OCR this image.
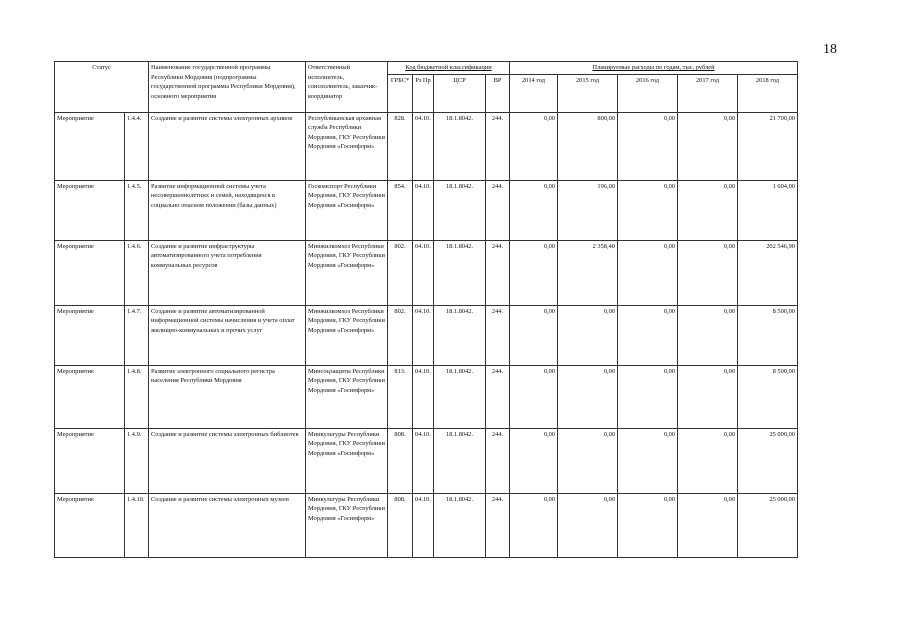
18
Статус		Наименование государственной программы Республики Мордовия (подпрограммы государственной программы Республики Мордовия), основного мероприятия	Ответственный исполнитель, соисполнитель, заказчик-координатор	Код бюджетной классификации				Планируемые расходы по годам, тыс. рублей				
				ГРБС*	Рз Пр	ЦСР	ВР	2014 год	2015 год	2016 год	2017 год	2018 год
Мероприятие	1.4.4.	Создание и развитие системы электронных архивов	Республиканская архивная служба Республики Мордовия, ГКУ Республики Мордовия «Госинформ»	828.	04.10.	18.1.8042.	244.	0,00	800,00	0,00	0,00	21 700,00
Мероприятие	1.4.5.	Развитие информационной системы учета несовершеннолетних и семей, находящихся в социально опасном положении (базы данных)	Госкомспорт Республики Мордовия, ГКУ Республики Мордовия «Госинформ»	854.	04.10.	18.1.8042.	244.	0,00	196,00	0,00	0,00	1 604,00
Мероприятие	1.4.6.	Создание и развитие инфраструктуры автоматизированного учета потребления коммунальных ресурсов	Минжилкомхоз Республики Мордовия, ГКУ Республики Мордовия «Госинформ»	802.	04.10.	18.1.8042.	244.	0,00	2 358,40	0,00	0,00	202 546,90
Мероприятие	1.4.7.	Создание и развитие автоматизированной информационной системы начисления и учета оплат жилищно-коммунальных и прочих услуг	Минжилкомхоз Республики Мордовия, ГКУ Республики Мордовия «Госинформ»	802.	04.10.	18.1.8042.	244.	0,00	0,00	0,00	0,00	8 500,00
Мероприятие	1.4.8.	Развитие электронного социального регистра населения Республики Мордовия	Минсоцзащиты Республики Мордовия, ГКУ Республики Мордовия «Госинформ»	813.	04.10.	18.1.8042.	244.	0,00	0,00	0,00	0,00	8 500,00
Мероприятие	1.4.9.	Создание и развитие системы электронных библиотек	Минкультуры Республики Мордовия, ГКУ Республики Мордовия «Госинформ»	808.	04.10.	18.1.8042.	244.	0,00	0,00	0,00	0,00	25 000,00
Мероприятие	1.4.10.	Создание и развитие системы электронных музеев	Минкультуры Республики Мордовия, ГКУ Республики Мордовия «Госинформ»	808.	04.10.	18.1.8042.	244.	0,00	0,00	0,00	0,00	25 000,00
